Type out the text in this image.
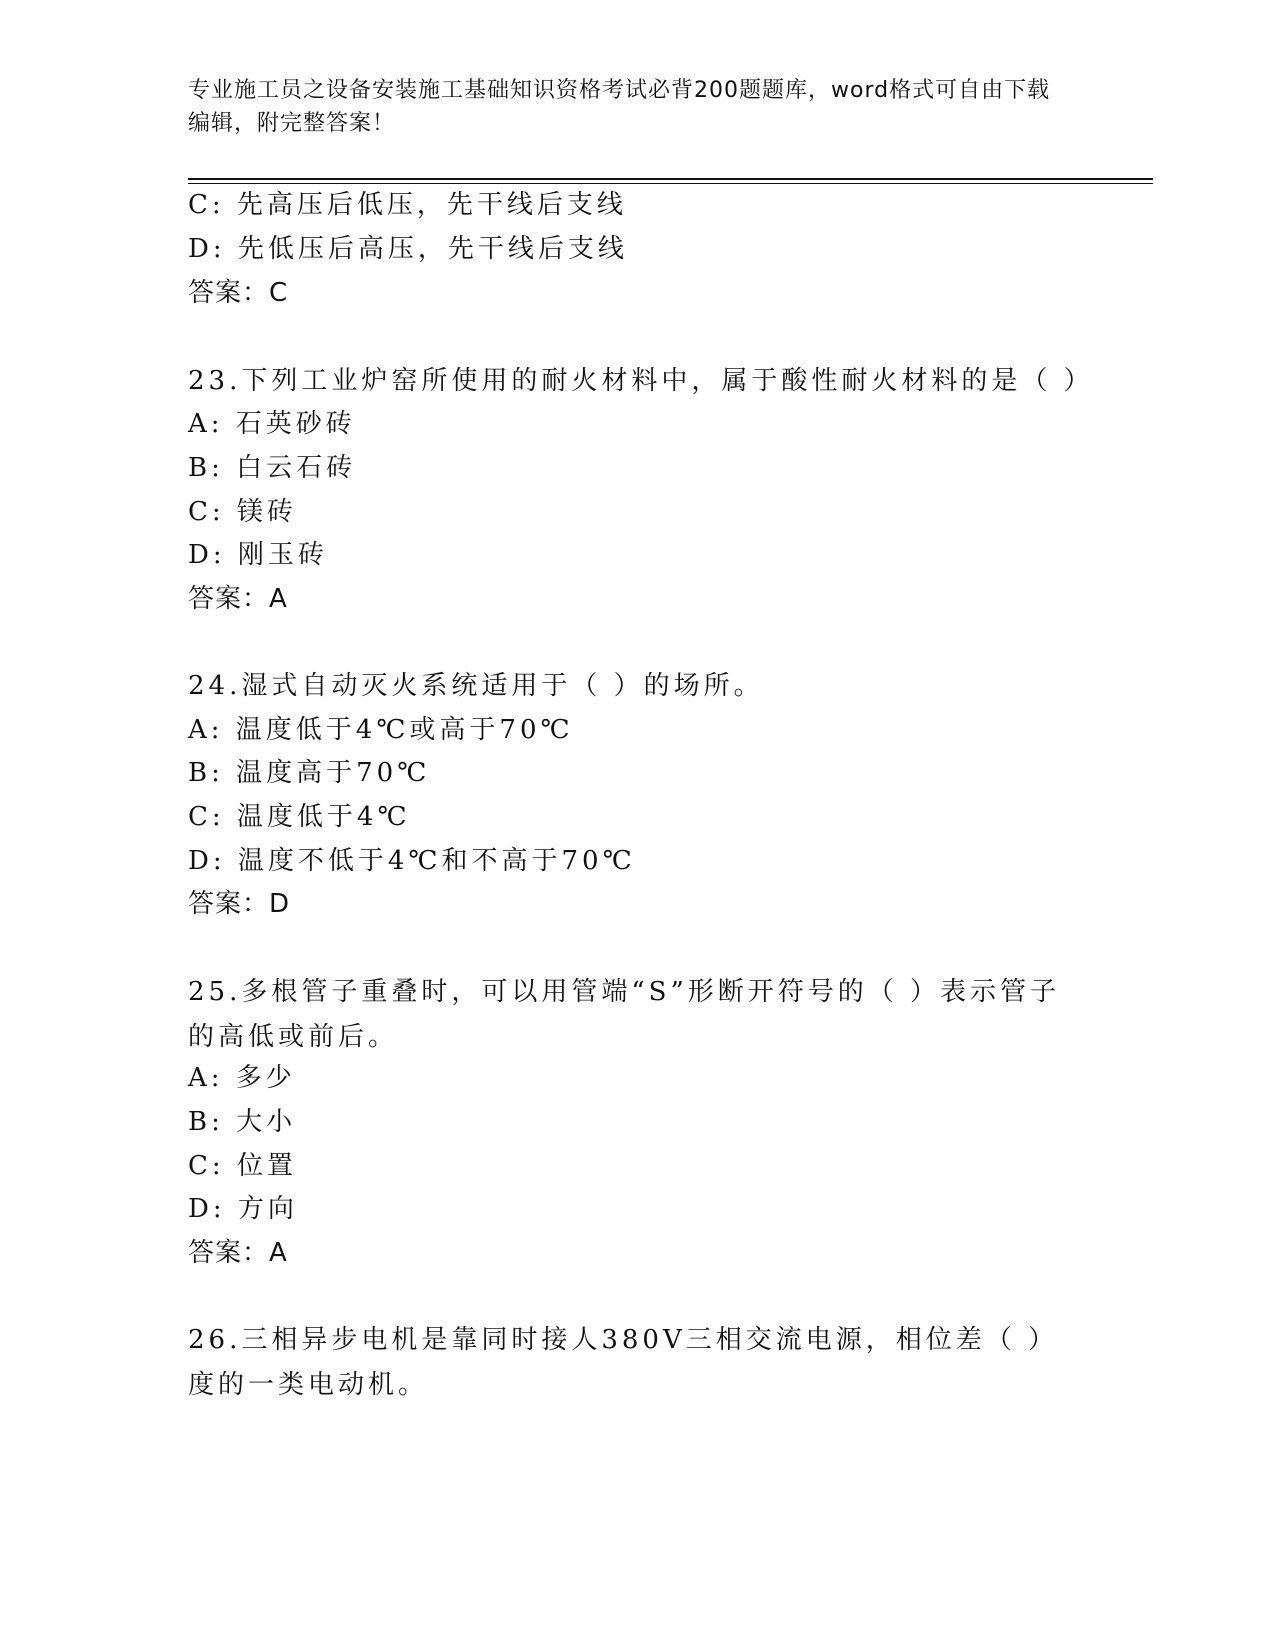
专业施工员之设备安装施工基础知识资格考试必背200题题库，word格式可自由下载编辑，附完整答案！

C: 先高压后低压，先干线后支线

D: 先低压后高压，先干线后支线

答案：C

23.下列工业炉窑所使用的耐火材料中，属于酸性耐火材料的是（ ）

A: 石英砂砖

B: 白云石砖

C: 镁砖

D: 刚玉砖

答案：A

24.湿式自动灭火系统适用于（ ）的场所。

A: 温度低于4℃或高于70℃

B: 温度高于70℃

C: 温度低于4℃

D: 温度不低于4℃和不高于70℃

答案：D

25.多根管子重叠时，可以用管端“S”形断开符号的（ ）表示管子的高低或前后。

A: 多少

B: 大小

C: 位置

D: 方向

答案：A

26.三相异步电机是靠同时接人380V三相交流电源，相位差（ ）度的一类电动机。
